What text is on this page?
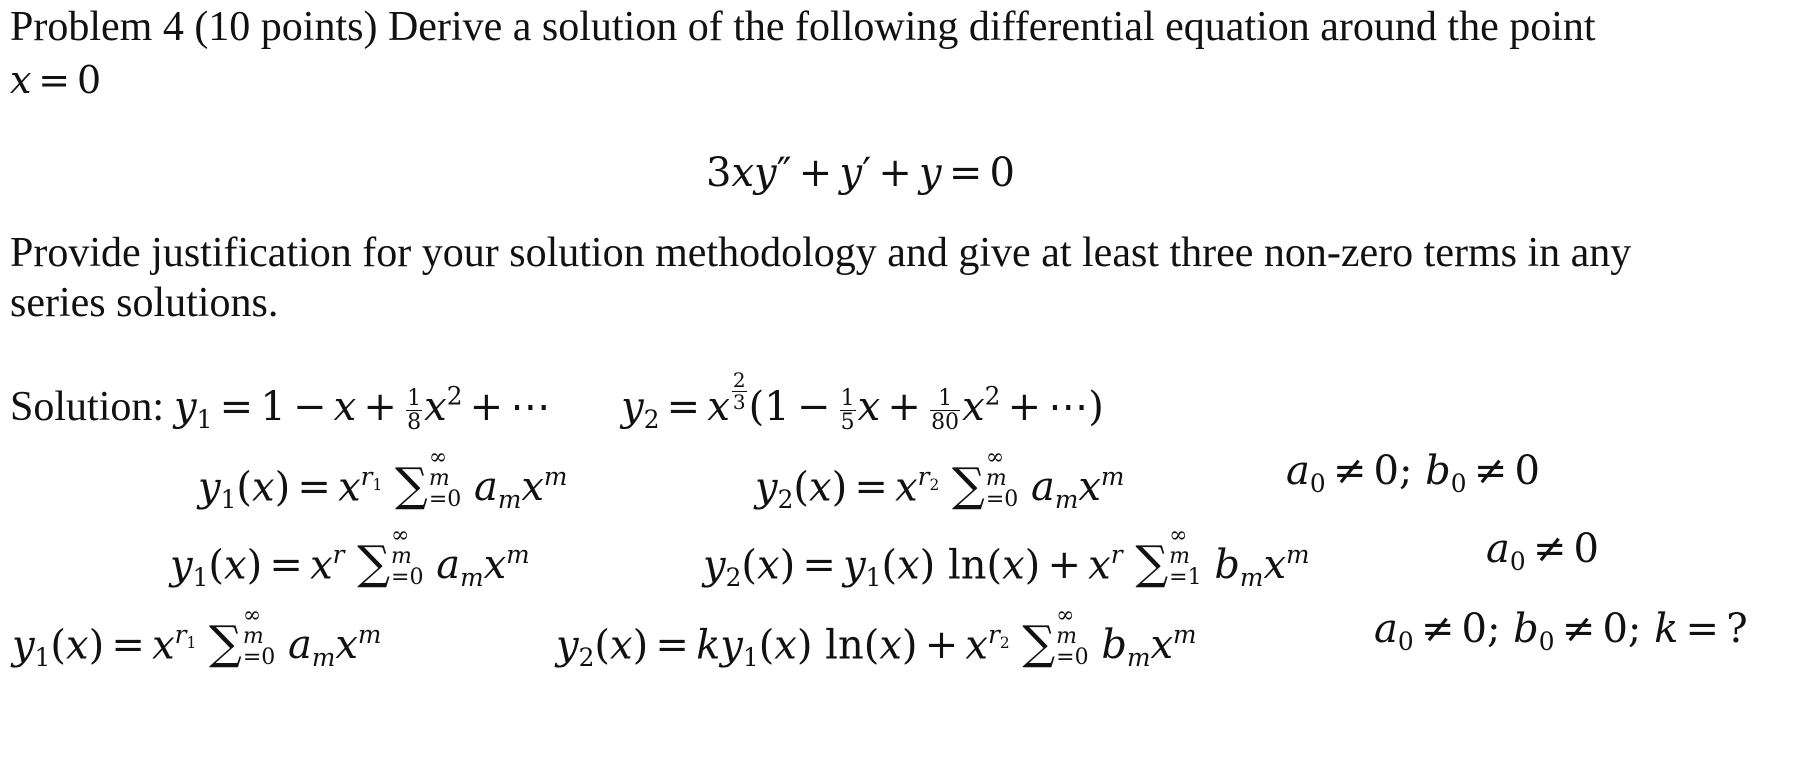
Problem 4 (10 points) Derive a solution of the following differential equation around the point
x = 0
3xy″ + y′ + y = 0
Provide justification for your solution methodology and give at least three non-zero terms in any
series solutions.
Solution: $y_1 = 1 - x + \frac{1}{8} x^2$ + ⋯ $y_2 = x \frac{2}{3} (1 - \frac{1}{5}$ $x + \frac{1}{80} x^2$ + ⋯)
$y_1(x) = x^{r_1}$ ∑ ∞
m
=0 $a_mx^m$	$y_2(x) = x^{r_2}$ ∑ ∞
m
=0 $a_mx^m$	$a_0 \ne 0$; $b_0 \ne 0$
$y_1(x) = x^r$ ∑ ∞
m
=0 $a_mx^m$	$y_2(x) = y_1(x) \ln(x) + x^r$ ∑ ∞
m
=1 $b_mx^m$	$a_0 \ne 0$
$y_1(x) = x^{r_1}$ ∑ ∞
m
=0 $a_mx^m$	$y_2(x) = ky_1(x) \ln(x) + x^{r_2}$ ∑ ∞
m
=0 $b_mx^m$	$a_0 \ne 0$; $b_0 \ne 0$; k = ?
